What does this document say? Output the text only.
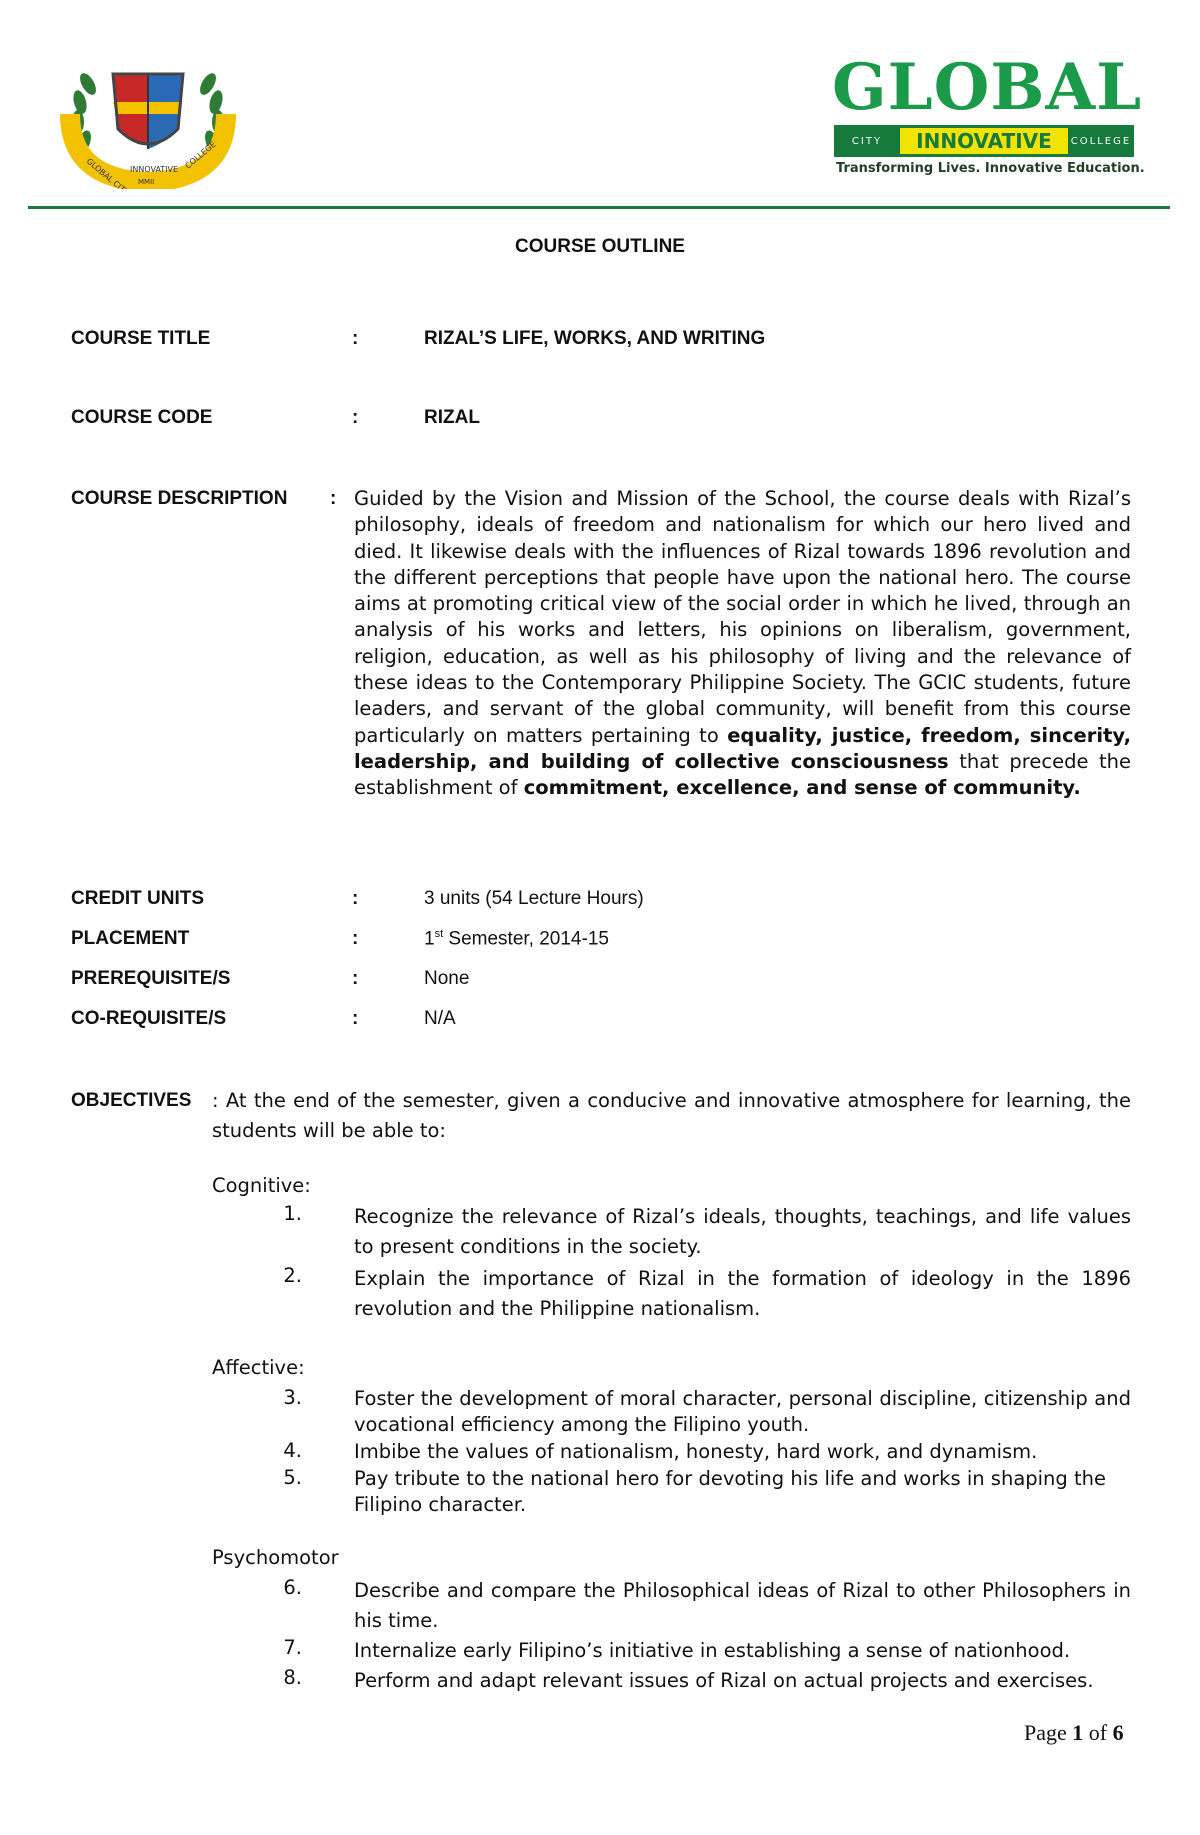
GLOBAL CITY INNOVATIVE COLLEGE
MMII
GLOBAL
CITY	INNOVATIVE	COLLEGE
Transforming Lives. Innovative Education.
COURSE OUTLINE
COURSE TITLE	:	RIZAL’S LIFE, WORKS, AND WRITING
COURSE CODE	:	RIZAL
COURSE DESCRIPTION : Guided by the Vision and Mission of the School, the course deals with Rizal’s philosophy, ideals of freedom and nationalism for which our hero lived and died. It likewise deals with the influences of Rizal towards 1896 revolution and the different perceptions that people have upon the national hero. The course aims at promoting critical view of the social order in which he lived, through an analysis of his works and letters, his opinions on liberalism, government, religion, education, as well as his philosophy of living and the relevance of these ideas to the Contemporary Philippine Society. The GCIC students, future leaders, and servant of the global community, will benefit from this course particularly on matters pertaining to equality, justice, freedom, sincerity, leadership, and building of collective consciousness that precede the establishment of commitment, excellence, and sense of community.
CREDIT UNITS	:	3 units (54 Lecture Hours)
PLACEMENT	:	1st Semester, 2014-15
PREREQUISITE/S	:	None
CO-REQUISITE/S	:	N/A
OBJECTIVES : At the end of the semester, given a conducive and innovative atmosphere for learning, the students will be able to:
Cognitive:
1.	Recognize the relevance of Rizal’s ideals, thoughts, teachings, and life values to present conditions in the society.
2.	Explain the importance of Rizal in the formation of ideology in the 1896 revolution and the Philippine nationalism.
Affective:
3.	Foster the development of moral character, personal discipline, citizenship and vocational efficiency among the Filipino youth.
4.	Imbibe the values of nationalism, honesty, hard work, and dynamism.
5.	Pay tribute to the national hero for devoting his life and works in shaping the Filipino character.
Psychomotor
6.	Describe and compare the Philosophical ideas of Rizal to other Philosophers in his time.
7.	Internalize early Filipino’s initiative in establishing a sense of nationhood.
8.	Perform and adapt relevant issues of Rizal on actual projects and exercises.
Page 1 of 6
